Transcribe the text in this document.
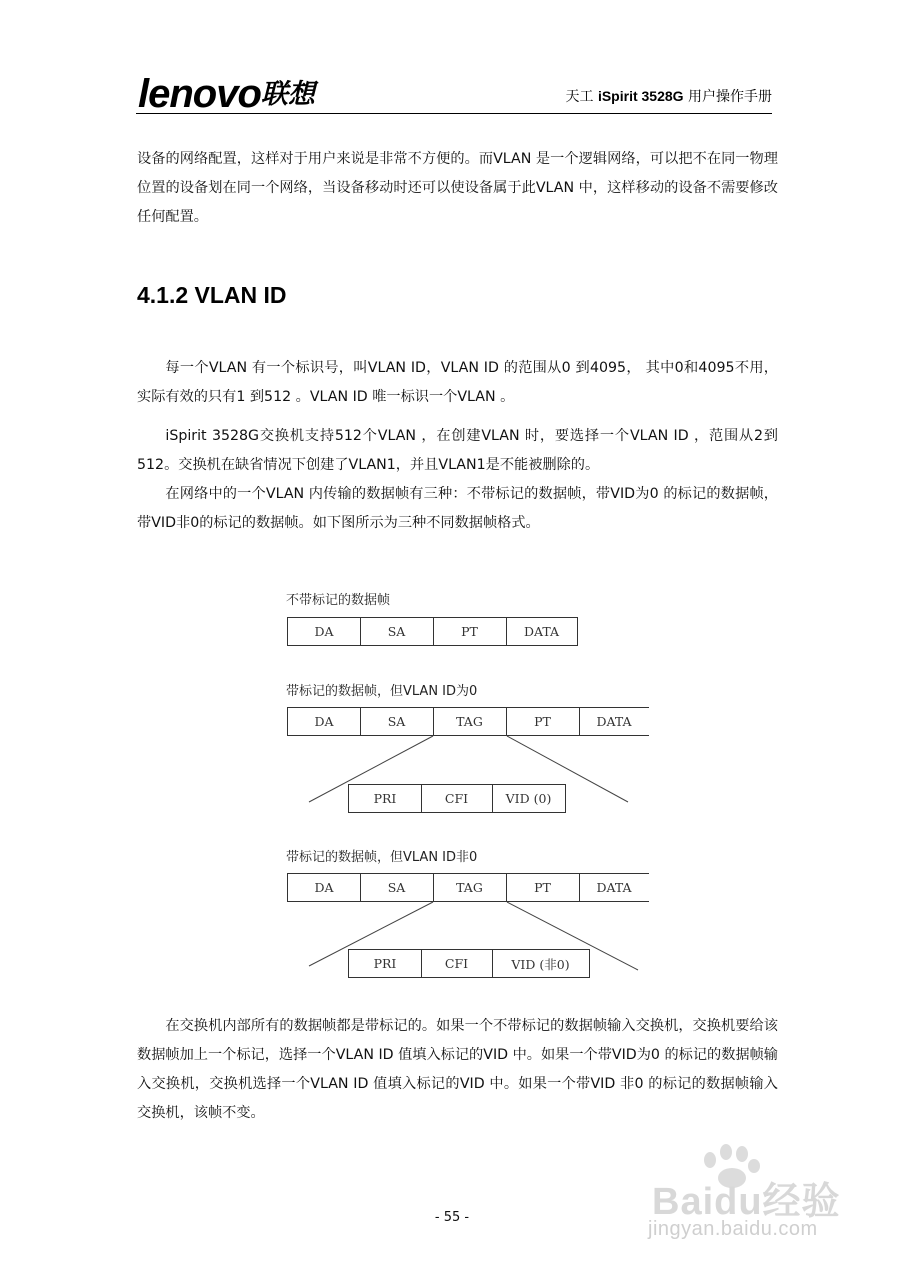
lenovo联想	天工 iSpirit 3528G 用户操作手册

设备的网络配置，这样对于用户来说是非常不方便的。而VLAN 是一个逻辑网络，可以把不在同一物理位置的设备划在同一个网络，当设备移动时还可以使设备属于此VLAN 中，这样移动的设备不需要修改任何配置。

4.1.2 VLAN ID

每一个VLAN 有一个标识号，叫VLAN ID，VLAN ID 的范围从0 到4095， 其中0和4095不用，实际有效的只有1 到512 。VLAN ID 唯一标识一个VLAN 。

iSpirit 3528G交换机支持512个VLAN ，在创建VLAN 时，要选择一个VLAN ID ，范围从2到512。交换机在缺省情况下创建了VLAN1，并且VLAN1是不能被删除的。

在网络中的一个VLAN 内传输的数据帧有三种：不带标记的数据帧，带VID为0 的标记的数据帧，带VID非0的标记的数据帧。如下图所示为三种不同数据帧格式。

不带标记的数据帧
DA	SA	PT	DATA
带标记的数据帧，但VLAN ID为0
DA	SA	TAG	PT	DATA
PRI	CFI	VID (0)
带标记的数据帧，但VLAN ID非0
DA	SA	TAG	PT	DATA
PRI	CFI	VID (非0)

在交换机内部所有的数据帧都是带标记的。如果一个不带标记的数据帧输入交换机，交换机要给该数据帧加上一个标记，选择一个VLAN ID 值填入标记的VID 中。如果一个带VID为0 的标记的数据帧输入交换机，交换机选择一个VLAN ID 值填入标记的VID 中。如果一个带VID 非0 的标记的数据帧输入交换机，该帧不变。

- 55 -	Baidu经验
jingyan.baidu.com
